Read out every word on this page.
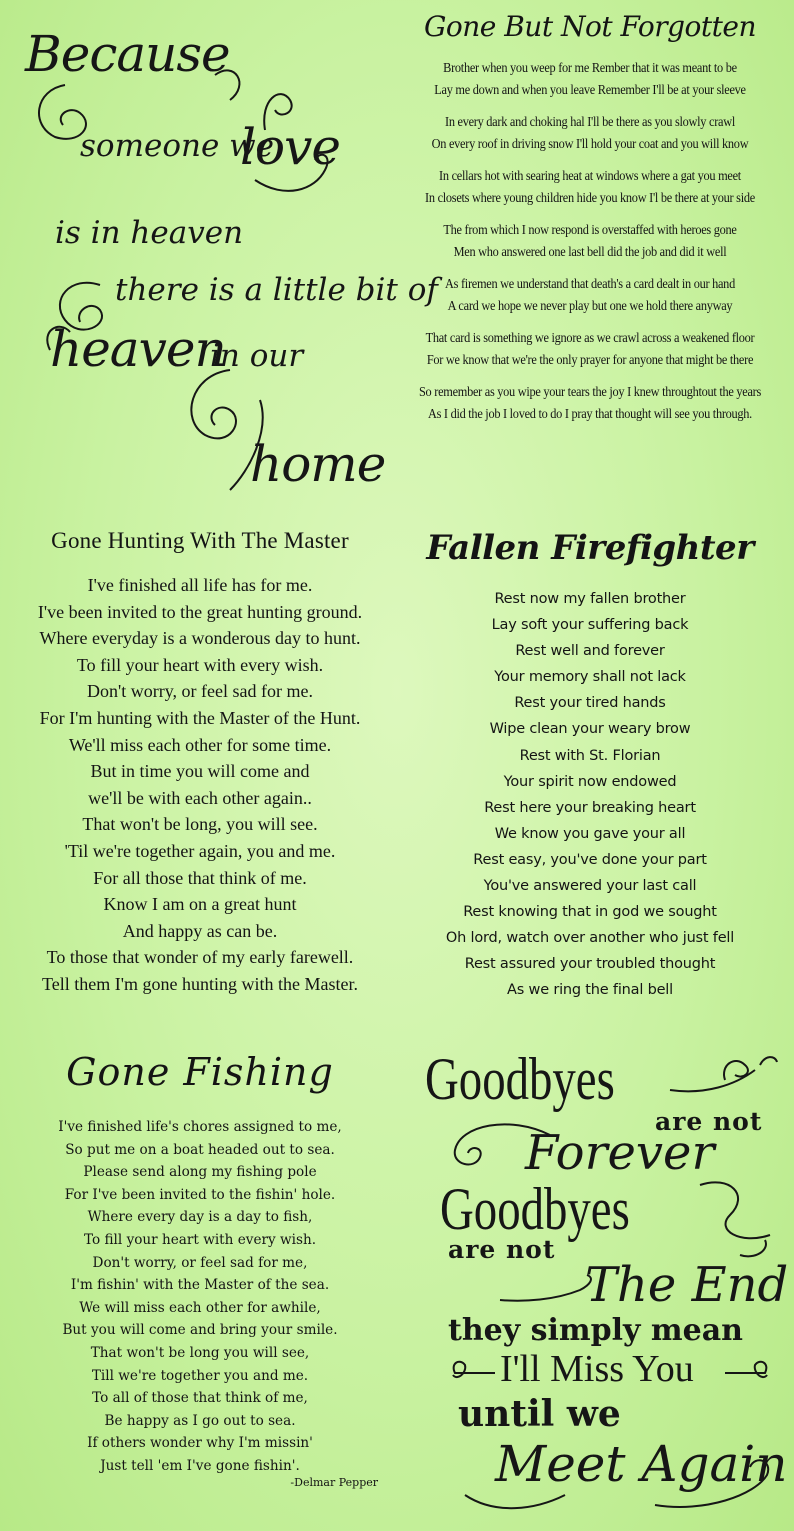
Because
someone we
love
is in heaven
there is a little bit of
heaven
in our
home
Gone But Not Forgotten
Brother when you weep for me Rember that it was meant to be
Lay me down and when you leave Remember I'll be at your sleeve
In every dark and choking hal I'll be there as you slowly crawl
On every roof in driving snow I'll hold your coat and you will know
In cellars hot with searing heat at windows where a gat you meet
In closets where young children hide you know I'l be there at your side
The from which I now respond is overstaffed with heroes gone
Men who answered one last bell did the job and did it well
As firemen we understand that death's a card dealt in our hand
A card we hope we never play but one we hold there anyway
That card is something we ignore as we crawl across a weakened floor
For we know that we're the only prayer for anyone that might be there
So remember as you wipe your tears the joy I knew throughtout the years
As I did the job I loved to do I pray that thought will see you through.
Gone Hunting With The Master
I've finished all life has for me.
I've been invited to the great hunting ground.
Where everyday is a wonderous day to hunt.
To fill your heart with every wish.
Don't worry, or feel sad for me.
For I'm hunting with the Master of the Hunt.
We'll miss each other for some time.
But in time you will come and
we'll be with each other again..
That won't be long, you will see.
'Til we're together again, you and me.
For all those that think of me.
Know I am on a great hunt
And happy as can be.
To those that wonder of my early farewell.
Tell them I'm gone hunting with the Master.
Fallen Firefighter
Rest now my fallen brother
Lay soft your suffering back
Rest well and forever
Your memory shall not lack
Rest your tired hands
Wipe clean your weary brow
Rest with St. Florian
Your spirit now endowed
Rest here your breaking heart
We know you gave your all
Rest easy, you've done your part
You've answered your last call
Rest knowing that in god we sought
Oh lord, watch over another who just fell
Rest assured your troubled thought
As we ring the final bell
Gone Fishing
I've finished life's chores assigned to me,
So put me on a boat headed out to sea.
Please send along my fishing pole
For I've been invited to the fishin' hole.
Where every day is a day to fish,
To fill your heart with every wish.
Don't worry, or feel sad for me,
I'm fishin' with the Master of the sea.
We will miss each other for awhile,
But you will come and bring your smile.
That won't be long you will see,
Till we're together you and me.
To all of those that think of me,
Be happy as I go out to sea.
If others wonder why I'm missin'
Just tell 'em I've gone fishin'.
-Delmar Pepper
Goodbyes
are not
Forever
Goodbyes
are not
The End
they simply mean
I'll Miss You
until we
Meet Again
